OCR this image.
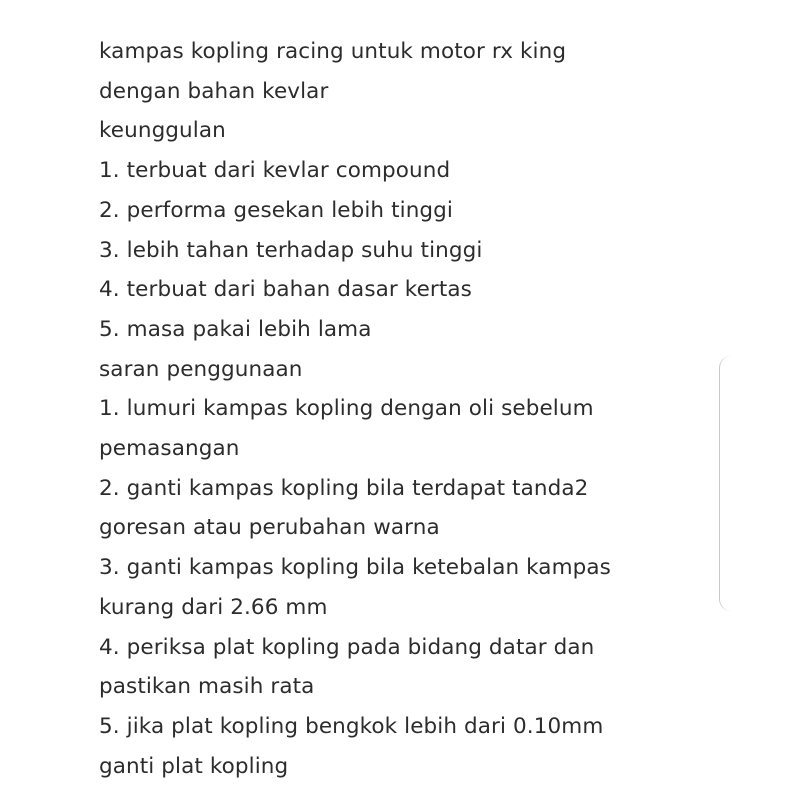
kampas kopling racing untuk motor rx king
dengan bahan kevlar
keunggulan
1. terbuat dari kevlar compound
2. performa gesekan lebih tinggi
3. lebih tahan terhadap suhu tinggi
4. terbuat dari bahan dasar kertas
5. masa pakai lebih lama
saran penggunaan
1. lumuri kampas kopling dengan oli sebelum
pemasangan
2. ganti kampas kopling bila terdapat tanda2
goresan atau perubahan warna
3. ganti kampas kopling bila ketebalan kampas
kurang dari 2.66 mm
4. periksa plat kopling pada bidang datar dan
pastikan masih rata
5. jika plat kopling bengkok lebih dari 0.10mm
ganti plat kopling
